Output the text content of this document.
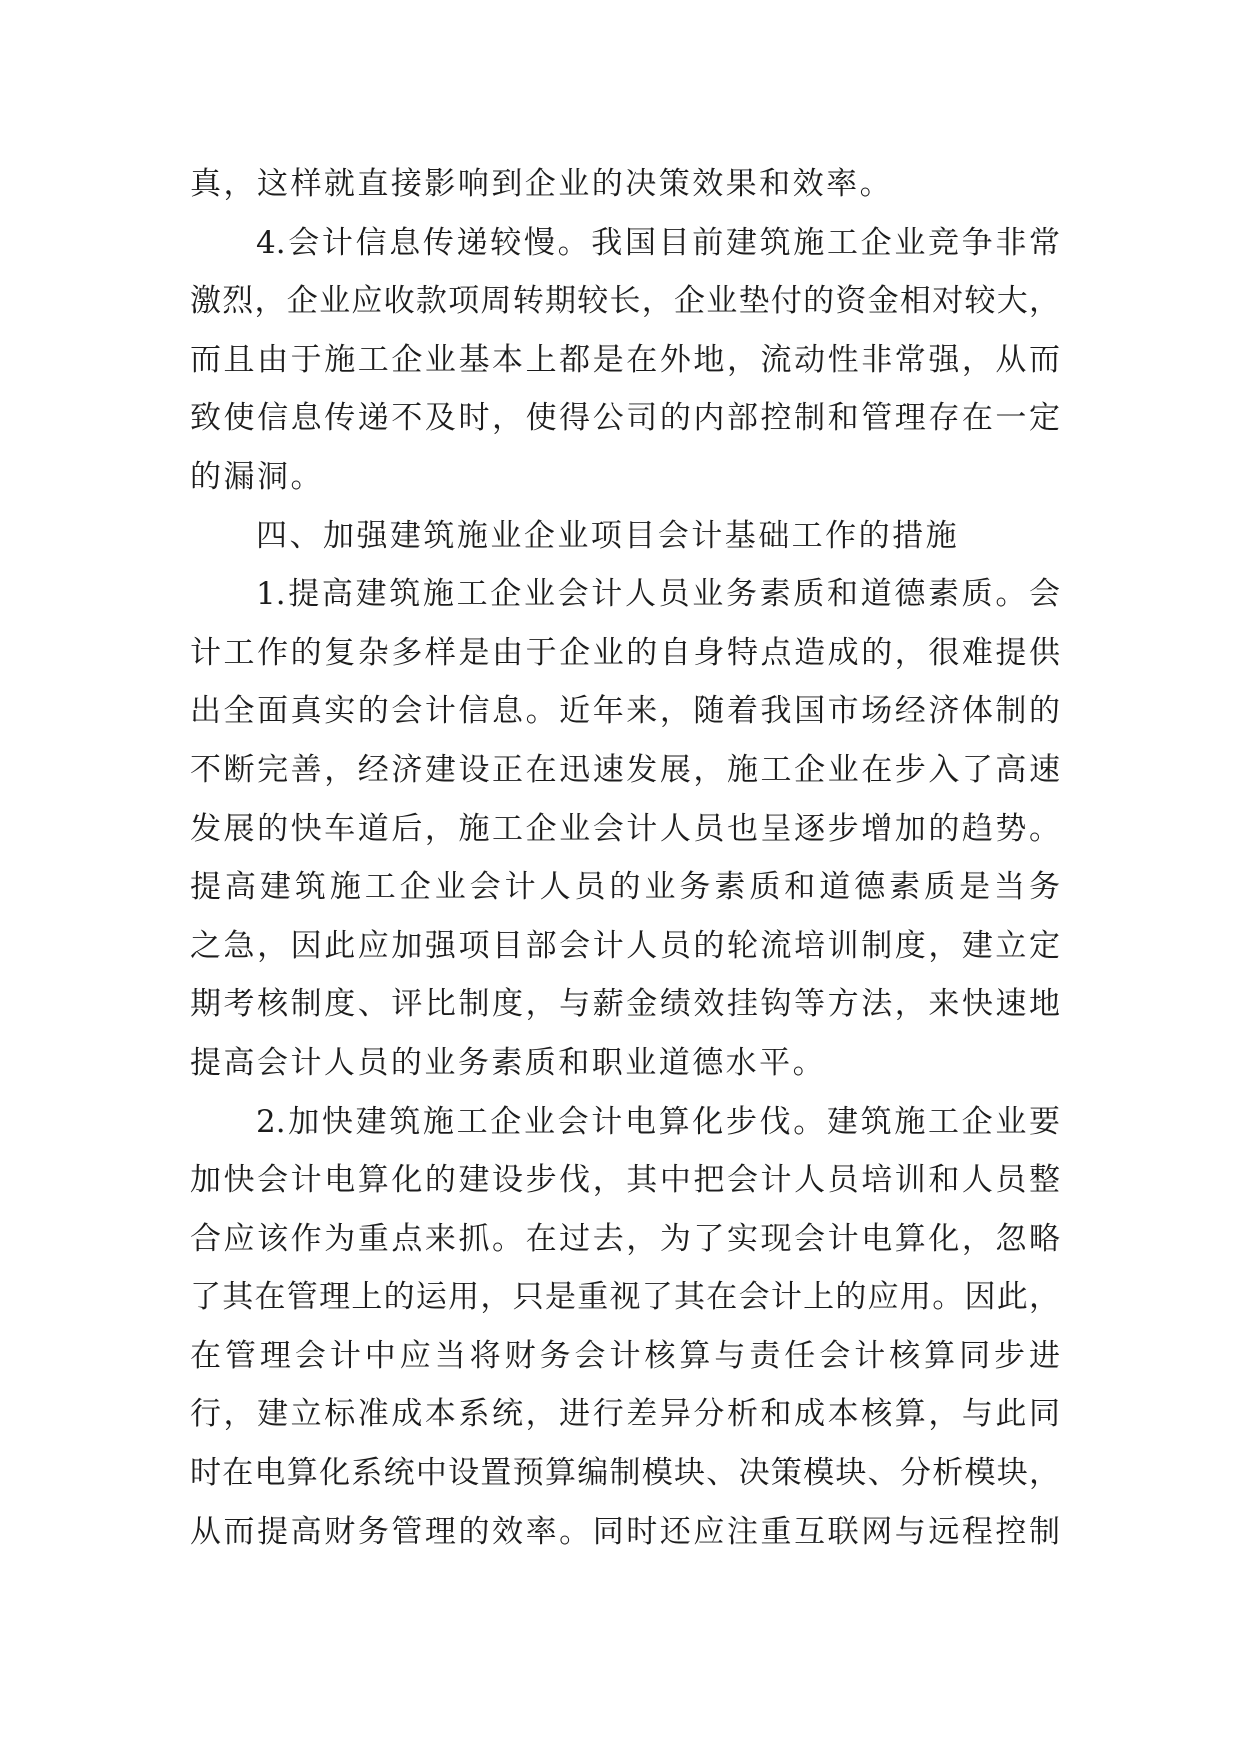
真，这样就直接影响到企业的决策效果和效率。
4.会计信息传递较慢。我国目前建筑施工企业竞争非常
激烈，企业应收款项周转期较长，企业垫付的资金相对较大，
而且由于施工企业基本上都是在外地，流动性非常强，从而
致使信息传递不及时，使得公司的内部控制和管理存在一定
的漏洞。
四、加强建筑施业企业项目会计基础工作的措施
1.提高建筑施工企业会计人员业务素质和道德素质。会
计工作的复杂多样是由于企业的自身特点造成的，很难提供
出全面真实的会计信息。近年来，随着我国市场经济体制的
不断完善，经济建设正在迅速发展，施工企业在步入了高速
发展的快车道后，施工企业会计人员也呈逐步增加的趋势。
提高建筑施工企业会计人员的业务素质和道德素质是当务
之急，因此应加强项目部会计人员的轮流培训制度，建立定
期考核制度、评比制度，与薪金绩效挂钩等方法，来快速地
提高会计人员的业务素质和职业道德水平。
2.加快建筑施工企业会计电算化步伐。建筑施工企业要
加快会计电算化的建设步伐，其中把会计人员培训和人员整
合应该作为重点来抓。在过去，为了实现会计电算化，忽略
了其在管理上的运用，只是重视了其在会计上的应用。因此，
在管理会计中应当将财务会计核算与责任会计核算同步进
行，建立标准成本系统，进行差异分析和成本核算，与此同
时在电算化系统中设置预算编制模块、决策模块、分析模块，
从而提高财务管理的效率。同时还应注重互联网与远程控制
